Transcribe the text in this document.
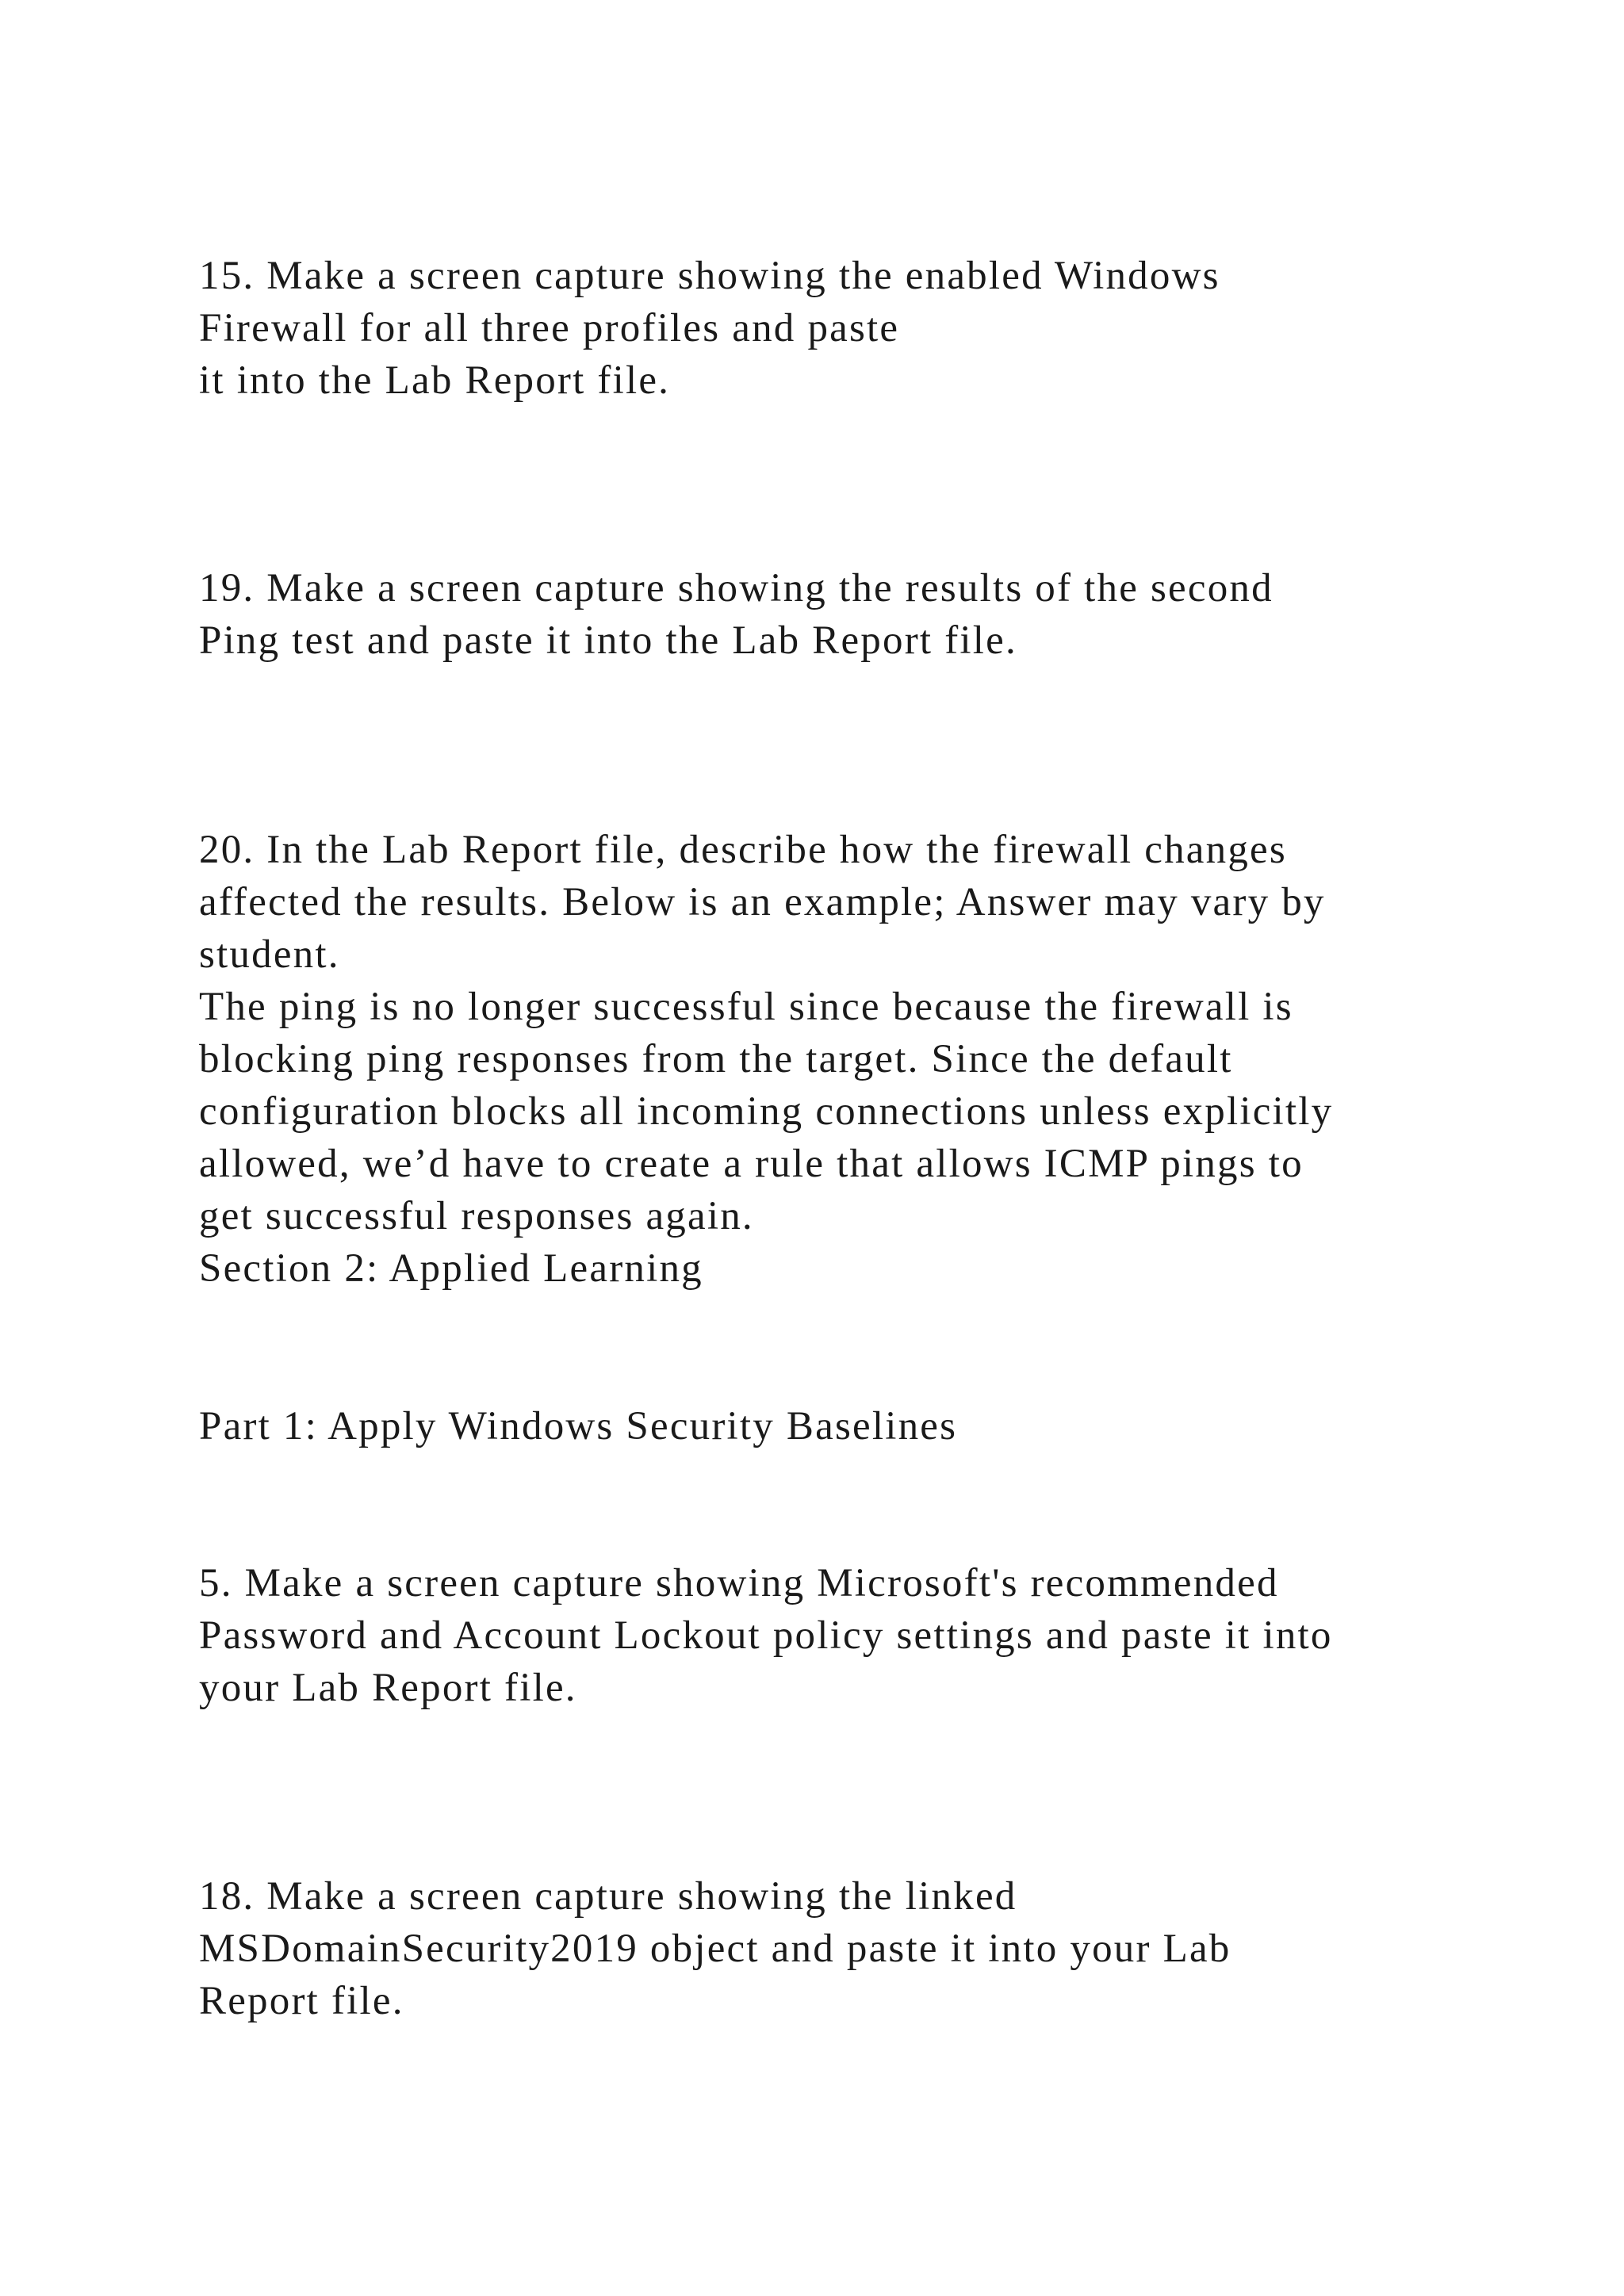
15. Make a screen capture showing the enabled Windows

Firewall for all three profiles and paste

it into the Lab Report file.

19. Make a screen capture showing the results of the second

Ping test and paste it into the Lab Report file.

20. In the Lab Report file, describe how the firewall changes

affected the results. Below is an example; Answer may vary by

student.

The ping is no longer successful since because the firewall is

blocking ping responses from the target. Since the default

configuration blocks all incoming connections unless explicitly

allowed, we’d have to create a rule that allows ICMP pings to

get successful responses again.

Section 2: Applied Learning

Part 1: Apply Windows Security Baselines

5. Make a screen capture showing Microsoft's recommended

Password and Account Lockout policy settings and paste it into

your Lab Report file.

18. Make a screen capture showing the linked

MSDomainSecurity2019 object and paste it into your Lab

Report file.
